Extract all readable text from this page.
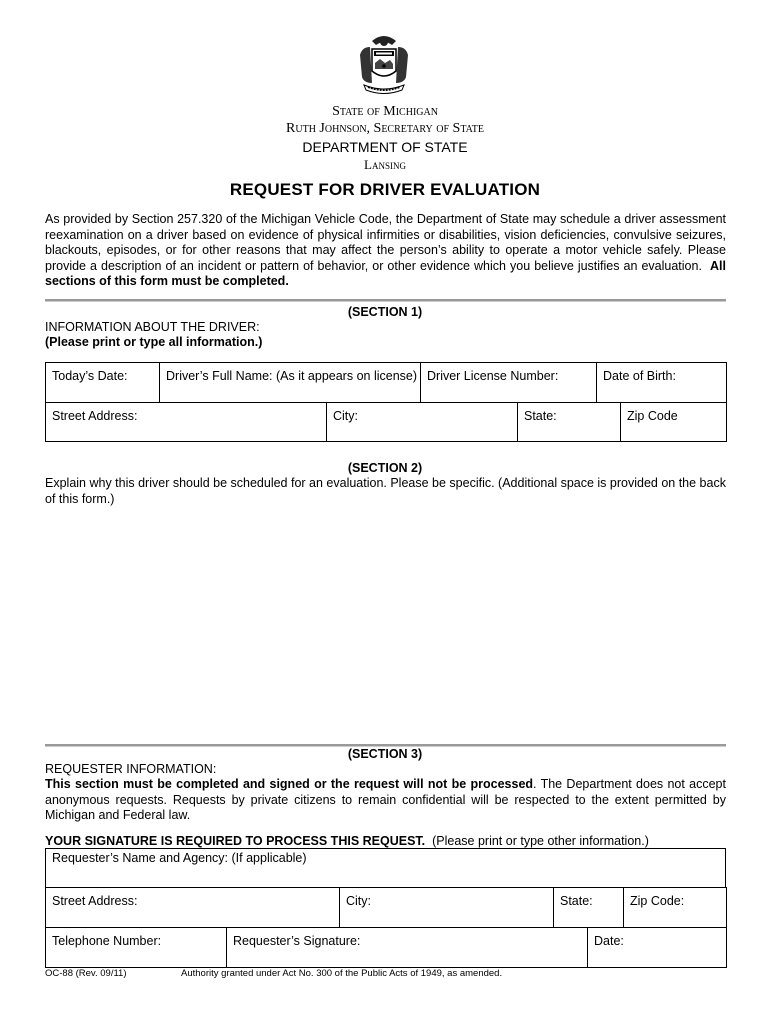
State of Michigan
Ruth Johnson, Secretary of State
DEPARTMENT OF STATE
Lansing
REQUEST FOR DRIVER EVALUATION
As provided by Section 257.320 of the Michigan Vehicle Code, the Department of State may schedule a driver assessment reexamination on a driver based on evidence of physical infirmities or disabilities, vision deficiencies, convulsive seizures, blackouts, episodes, or for other reasons that may affect the person’s ability to operate a motor vehicle safely. Please provide a description of an incident or pattern of behavior, or other evidence which you believe justifies an evaluation. All sections of this form must be completed.
(SECTION 1)
INFORMATION ABOUT THE DRIVER:
(Please print or type all information.)
Today’s Date:	Driver’s Full Name: (As it appears on license)	Driver License Number:	Date of Birth:
Street Address:	City:	State:	Zip Code
(SECTION 2)
Explain why this driver should be scheduled for an evaluation. Please be specific. (Additional space is provided on the back of this form.)
(SECTION 3)
REQUESTER INFORMATION:
This section must be completed and signed or the request will not be processed. The Department does not accept anonymous requests. Requests by private citizens to remain confidential will be respected to the extent permitted by Michigan and Federal law.
YOUR SIGNATURE IS REQUIRED TO PROCESS THIS REQUEST. (Please print or type other information.)
Requester’s Name and Agency: (If applicable)
Street Address:	City:	State:	Zip Code:
Telephone Number:	Requester’s Signature:	Date:
OC-88 (Rev. 09/11)	Authority granted under Act No. 300 of the Public Acts of 1949, as amended.
